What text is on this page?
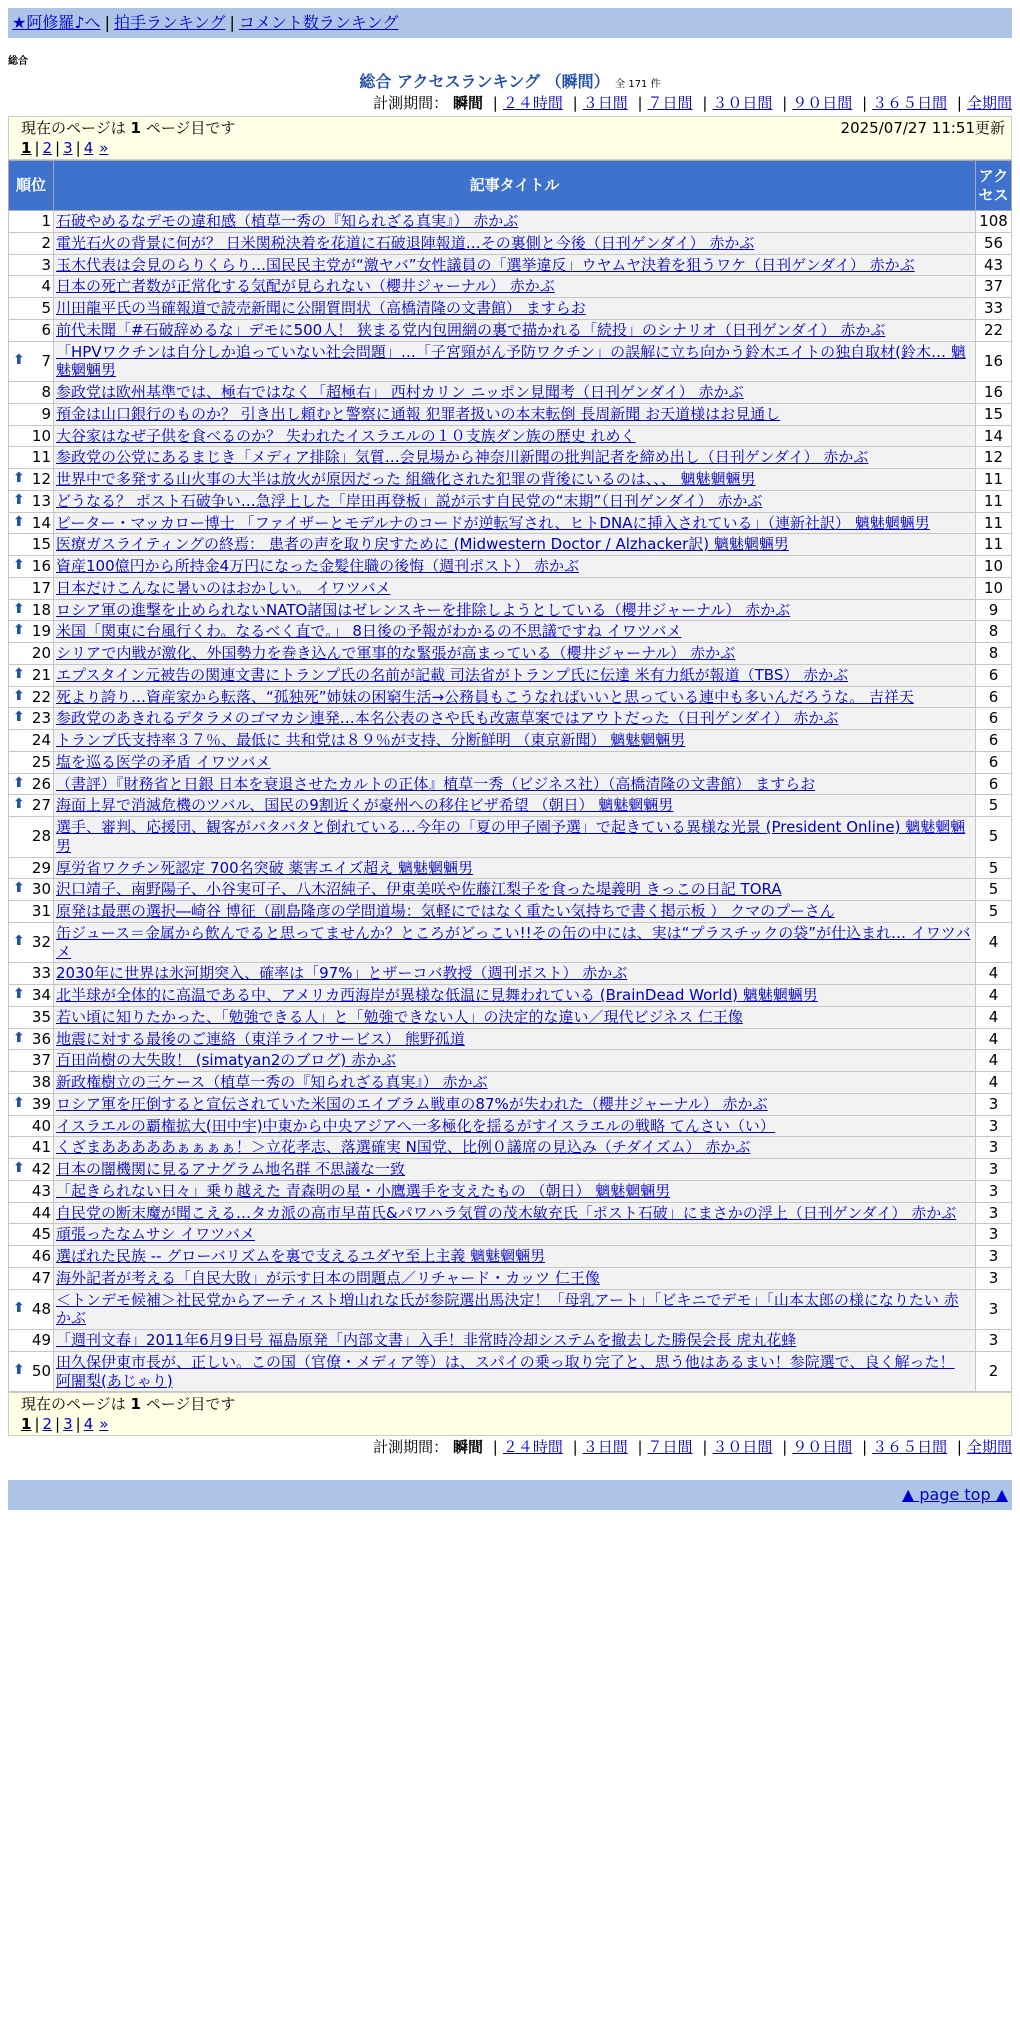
★阿修羅♪へ | 拍手ランキング | コメント数ランキング
総合
総合 アクセスランキング （瞬間） 全 171 件
計測期間： 瞬間 | ２４時間 | ３日間 | ７日間 | ３０日間 | ９０日間 | ３６５日間 | 全期間
現在のページは 1 ページ目です	2025/07/27 11:51更新
1 | 2 | 3 | 4 »
順位	記事タイトル	アクセス
1	石破やめるなデモの違和感（植草一秀の『知られざる真実』） 赤かぶ	108
2	電光石火の背景に何が？ 日米関税決着を花道に石破退陣報道…その裏側と今後（日刊ゲンダイ） 赤かぶ	56
3	玉木代表は会見のらりくらり…国民民主党が“激ヤバ”女性議員の「選挙違反」ウヤムヤ決着を狙うワケ（日刊ゲンダイ） 赤かぶ	43
4	日本の死亡者数が正常化する気配が見られない（櫻井ジャーナル） 赤かぶ	37
5	川田龍平氏の当確報道で読売新聞に公開質問状（高橋清隆の文書館） ますらお	33
6	前代未聞「#石破辞めるな」デモに500人！ 狭まる党内包囲網の裏で描かれる「続投」のシナリオ（日刊ゲンダイ） 赤かぶ	22

⬆ 7	「HPVワクチンは自分しか追っていない社会問題」…「子宮頸がん予防ワクチン」の誤解に立ち向かう鈴木エイトの独自取材(鈴木… 魑魅魍魎男	16
8	参政党は欧州基準では、極右ではなく「超極右」 西村カリン ニッポン見聞考（日刊ゲンダイ） 赤かぶ	16
9	預金は山口銀行のものか？ 引き出し頼むと警察に通報 犯罪者扱いの本末転倒 長周新聞 お天道様はお見通し	15
10	大谷家はなぜ子供を食べるのか？ 失われたイスラエルの１０支族ダン族の歴史 れめく	14
11	参政党の公党にあるまじき「メディア排除」気質…会見場から神奈川新聞の批判記者を締め出し（日刊ゲンダイ） 赤かぶ	12

⬆ 12	世界中で多発する山火事の大半は放火が原因だった 組織化された犯罪の背後にいるのは、、、 魑魅魍魎男	11

⬆ 13	どうなる？ ポスト石破争い…急浮上した「岸田再登板」説が示す自民党の“末期”（日刊ゲンダイ） 赤かぶ	11

⬆ 14	ピーター・マッカロー博士 「ファイザーとモデルナのコードが逆転写され、ヒトDNAに挿入されている」（連新社訳） 魑魅魍魎男	11
15	医療ガスライティングの終焉： 患者の声を取り戻すために (Midwestern Doctor / Alzhacker訳) 魑魅魍魎男	11

⬆ 16	資産100億円から所持金4万円になった金髪住職の後悔（週刊ポスト） 赤かぶ	10
17	日本だけこんなに暑いのはおかしい。 イワツバメ	10

⬆ 18	ロシア軍の進撃を止められないNATO諸国はゼレンスキーを排除しようとしている（櫻井ジャーナル） 赤かぶ	9

⬆ 19	米国「関東に台風行くわ。なるべく直で。」 8日後の予報がわかるの不思議ですね イワツバメ	8
20	シリアで内戦が激化、外国勢力を巻き込んで軍事的な緊張が高まっている（櫻井ジャーナル） 赤かぶ	8

⬆ 21	エプスタイン元被告の関連文書にトランプ氏の名前が記載 司法省がトランプ氏に伝達 米有力紙が報道（TBS） 赤かぶ	6

⬆ 22	死より誇り…資産家から転落、“孤独死”姉妹の困窮生活→公務員もこうなればいいと思っている連中も多いんだろうな。 吉祥天	6

⬆ 23	参政党のあきれるデタラメのゴマカシ連発…本名公表のさや氏も改憲草案ではアウトだった（日刊ゲンダイ） 赤かぶ	6
24	トランプ氏支持率３７％、最低に 共和党は８９％が支持、分断鮮明 （東京新聞） 魑魅魍魎男	6
25	塩を巡る医学の矛盾 イワツバメ	6

⬆ 26	（書評）『財務省と日銀 日本を衰退させたカルトの正体』植草一秀（ビジネス社）（高橋清隆の文書館） ますらお	6

⬆ 27	海面上昇で消滅危機のツバル、国民の9割近くが豪州への移住ビザ希望 （朝日） 魑魅魍魎男	5
28	選手、審判、応援団、観客がバタバタと倒れている…今年の「夏の甲子園予選」で起きている異様な光景 (President Online) 魑魅魍魎男	5
29	厚労省ワクチン死認定 700名突破 薬害エイズ超え 魑魅魍魎男	5

⬆ 30	沢口靖子、南野陽子、小谷実可子、八木沼純子、伊東美咲や佐藤江梨子を食った堤義明 きっこの日記 TORA	5
31	原発は最悪の選択―崎谷 博征（副島隆彦の学問道場：気軽にではなく重たい気持ちで書く掲示板 ） クマのプーさん	5

⬆ 32	缶ジュース＝金属から飲んでると思ってませんか？ところがどっこい!!その缶の中には、実は“プラスチックの袋”が仕込まれ… イワツバメ	4
33	2030年に世界は氷河期突入、確率は「97%」とザーコバ教授（週刊ポスト） 赤かぶ	4

⬆ 34	北半球が全体的に高温である中、アメリカ西海岸が異様な低温に見舞われている (BrainDead World) 魑魅魍魎男	4
35	若い頃に知りたかった、「勉強できる人」と「勉強できない人」の決定的な違い／現代ビジネス 仁王像	4

⬆ 36	地震に対する最後のご連絡（東洋ライフサービス） 熊野孤道	4
37	百田尚樹の大失敗！ (simatyan2のブログ) 赤かぶ	4
38	新政権樹立の三ケース（植草一秀の『知られざる真実』） 赤かぶ	4

⬆ 39	ロシア軍を圧倒すると宣伝されていた米国のエイブラム戦車の87%が失われた（櫻井ジャーナル） 赤かぶ	3
40	イスラエルの覇権拡大(田中宇)中東から中央アジアへ一多極化を揺るがすイスラエルの戦略 てんさい（い）	3
41	くざまあああああぁぁぁぁ！＞立花孝志、落選確実 N国党、比例０議席の見込み（チダイズム） 赤かぶ	3

⬆ 42	日本の闇機関に見るアナグラム地名群 不思議な一致	3
43	「起きられない日々」乗り越えた 青森明の星・小鷹選手を支えたもの （朝日） 魑魅魍魎男	3
44	自民党の断末魔が聞こえる…タカ派の高市早苗氏&パワハラ気質の茂木敏充氏「ポスト石破」にまさかの浮上（日刊ゲンダイ） 赤かぶ	3
45	頑張ったなムサシ イワツバメ	3
46	選ばれた民族 -- グローバリズムを裏で支えるユダヤ至上主義 魑魅魍魎男	3
47	海外記者が考える「自民大敗」が示す日本の問題点／リチャード・カッツ 仁王像	3

⬆ 48	＜トンデモ候補＞社民党からアーティスト増山れな氏が参院選出馬決定！「母乳アート」「ビキニでデモ」「山本太郎の様になりたい 赤かぶ	3
49	「週刊文春」2011年6月9日号 福島原発「内部文書」入手！非常時冷却システムを撤去した勝俣会長 虎丸花蜂	3

⬆ 50	田久保伊東市長が、正しい。この国（官僚・メディア等）は、スパイの乗っ取り完了と、思う他はあるまい！参院選で、良く解った！ 阿闍梨(あじゃり)	2
現在のページは 1 ページ目です
1 | 2 | 3 | 4 »
計測期間： 瞬間 | ２４時間 | ３日間 | ７日間 | ３０日間 | ９０日間 | ３６５日間 | 全期間
▲ page top ▲
